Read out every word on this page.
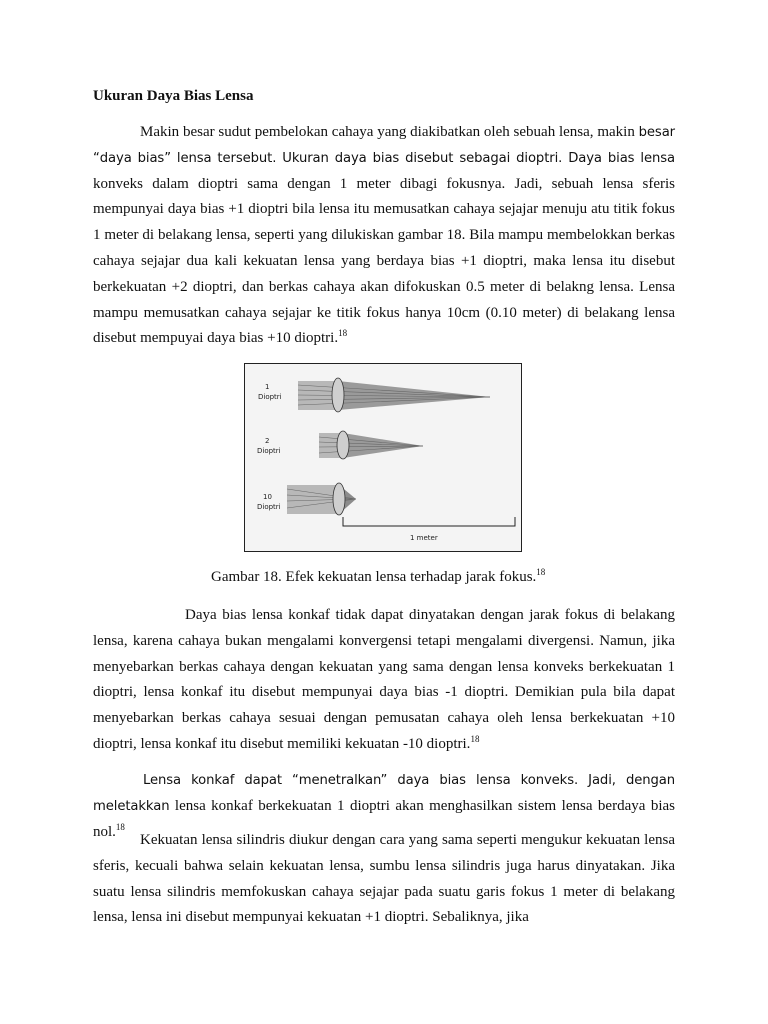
Ukuran Daya Bias Lensa

Makin besar sudut pembelokan cahaya yang diakibatkan oleh sebuah lensa, makin besar “daya bias” lensa tersebut. Ukuran daya bias disebut sebagai dioptri. Daya bias lensa konveks dalam dioptri sama dengan 1 meter dibagi fokusnya. Jadi, sebuah lensa sferis mempunyai daya bias +1 dioptri bila lensa itu memusatkan cahaya sejajar menuju atu titik fokus 1 meter di belakang lensa, seperti yang dilukiskan gambar 18. Bila mampu membelokkan berkas cahaya sejajar dua kali kekuatan lensa yang berdaya bias +1 dioptri, maka lensa itu disebut berkekuatan +2 dioptri, dan berkas cahaya akan difokuskan 0.5 meter di belakng lensa. Lensa mampu memusatkan cahaya sejajar ke titik fokus hanya 10cm (0.10 meter) di belakang lensa disebut mempuyai daya bias +10 dioptri.$^{18}$

1
Dioptri
2
Dioptri
10
Dioptri
1 meter
Gambar 18. Efek kekuatan lensa terhadap jarak fokus.$^{18}$

Daya bias lensa konkaf tidak dapat dinyatakan dengan jarak fokus di belakang lensa, karena cahaya bukan mengalami konvergensi tetapi mengalami divergensi. Namun, jika menyebarkan berkas cahaya dengan kekuatan yang sama dengan lensa konveks berkekuatan 1 dioptri, lensa konkaf itu disebut mempunyai daya bias -1 dioptri. Demikian pula bila dapat menyebarkan berkas cahaya sesuai dengan pemusatan cahaya oleh lensa berkekuatan +10 dioptri, lensa konkaf itu disebut memiliki kekuatan -10 dioptri.$^{18}$

Lensa konkaf dapat “menetralkan” daya bias lensa konveks. Jadi, dengan meletakkan lensa konkaf berkekuatan 1 dioptri akan menghasilkan sistem lensa berdaya bias nol.$^{18}$

Kekuatan lensa silindris diukur dengan cara yang sama seperti mengukur kekuatan lensa sferis, kecuali bahwa selain kekuatan lensa, sumbu lensa silindris juga harus dinyatakan. Jika suatu lensa silindris memfokuskan cahaya sejajar pada suatu garis fokus 1 meter di belakang lensa, lensa ini disebut mempunyai kekuatan +1 dioptri. Sebaliknya, jika
